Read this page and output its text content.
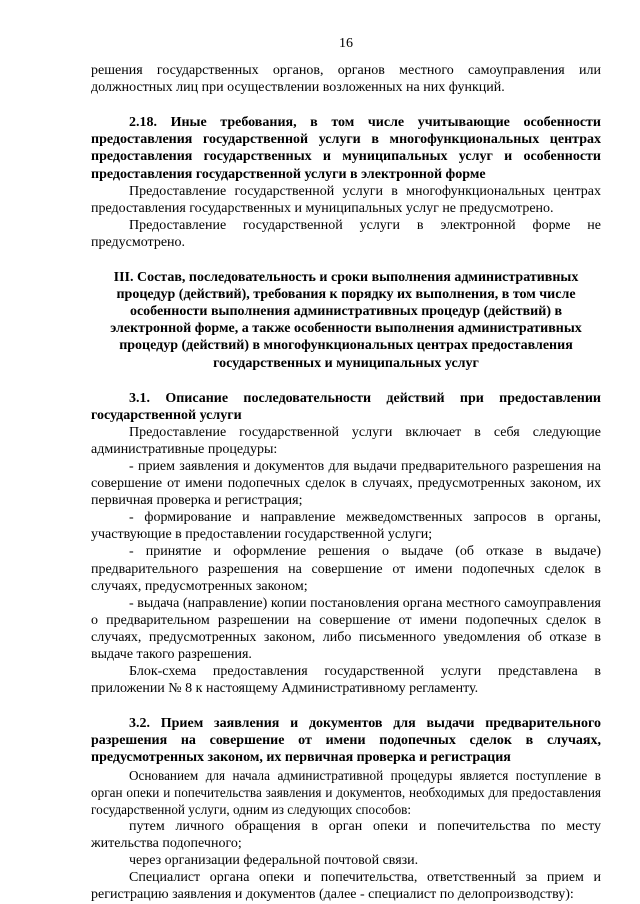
16

решения государственных органов, органов местного самоуправления или должностных лиц при осуществлении возложенных на них функций.

2.18. Иные требования, в том числе учитывающие особенности предоставления государственной услуги в многофункциональных центрах предоставления государственных и муниципальных услуг и особенности предоставления государственной услуги в электронной форме

Предоставление государственной услуги в многофункциональных центрах предоставления государственных и муниципальных услуг не предусмотрено.

Предоставление государственной услуги в электронной форме не предусмотрено.

III. Состав, последовательность и сроки выполнения административных процедур (действий), требования к порядку их выполнения, в том числе особенности выполнения административных процедур (действий) в электронной форме, а также особенности выполнения административных процедур (действий) в многофункциональных центрах предоставления государственных и муниципальных услуг

3.1. Описание последовательности действий при предоставлении государственной услуги

Предоставление государственной услуги включает в себя следующие административные процедуры:

- прием заявления и документов для выдачи предварительного разрешения на совершение от имени подопечных сделок в случаях, предусмотренных законом, их первичная проверка и регистрация;

- формирование и направление межведомственных запросов в органы, участвующие в предоставлении государственной услуги;

- принятие и оформление решения о выдаче (об отказе в выдаче) предварительного разрешения на совершение от имени подопечных сделок в случаях, предусмотренных законом;

- выдача (направление) копии постановления органа местного самоуправления о предварительном разрешении на совершение от имени подопечных сделок в случаях, предусмотренных законом, либо письменного уведомления об отказе в выдаче такого разрешения.

Блок-схема предоставления государственной услуги представлена в приложении № 8 к настоящему Административному регламенту.

3.2. Прием заявления и документов для выдачи предварительного разрешения на совершение от имени подопечных сделок в случаях, предусмотренных законом, их первичная проверка и регистрация

Основанием для начала административной процедуры является поступление в орган опеки и попечительства заявления и документов, необходимых для предоставления государственной услуги, одним из следующих способов:

путем личного обращения в орган опеки и попечительства по месту жительства подопечного;

через организации федеральной почтовой связи.

Специалист органа опеки и попечительства, ответственный за прием и регистрацию заявления и документов (далее - специалист по делопроизводству):
